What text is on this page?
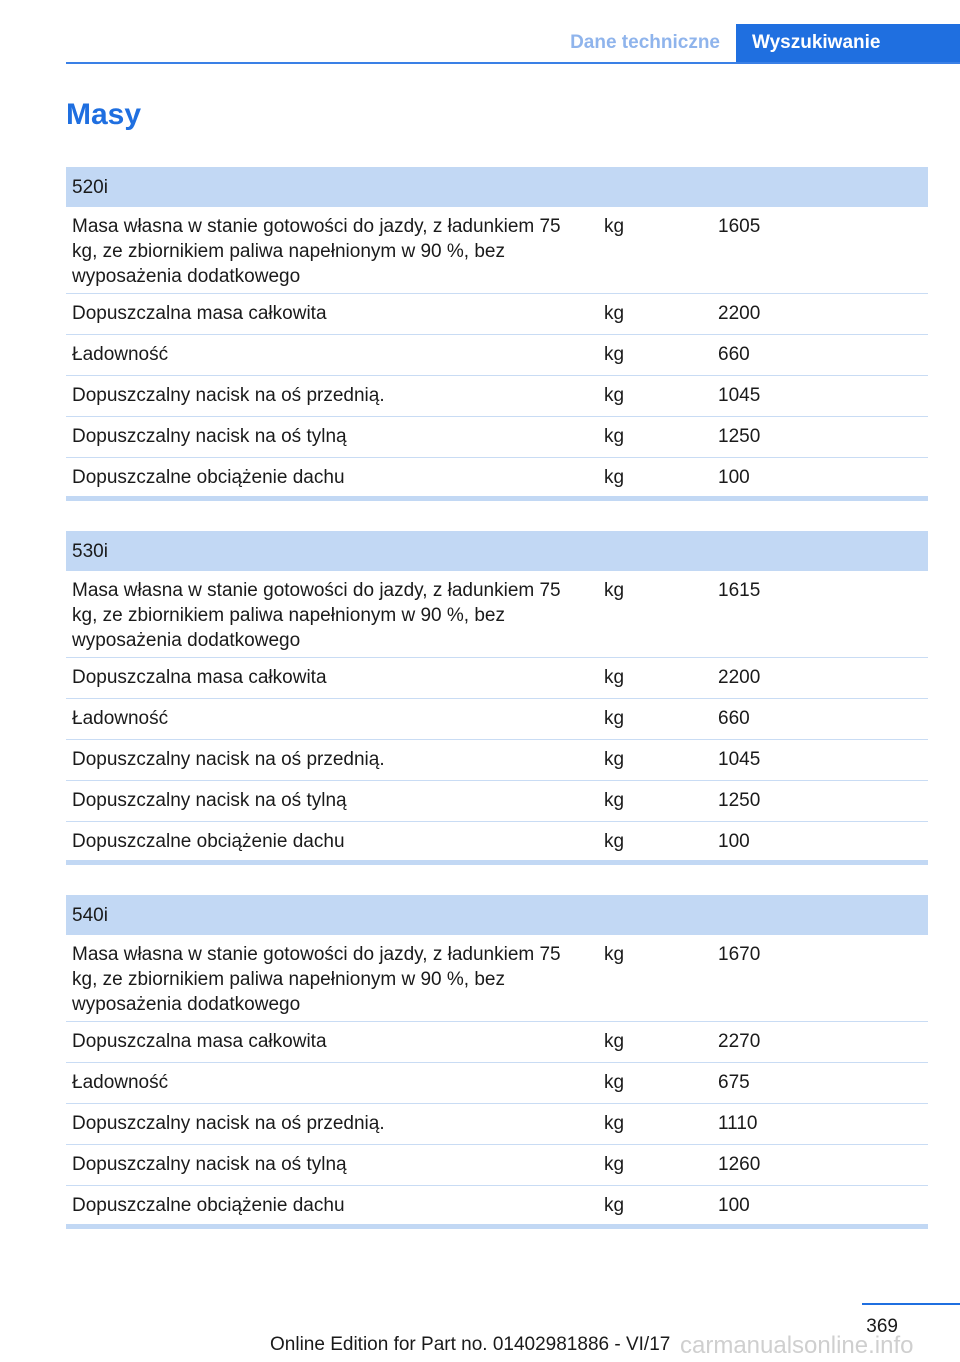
Dane techniczne	Wyszukiwanie
Masy
520i		
Masa własna w stanie gotowości do jazdy, z ładunkiem 75 kg, ze zbiornikiem paliwa napełnionym w 90 %, bez wyposażenia dodatkowego	kg	1605
Dopuszczalna masa całkowita	kg	2200
Ładowność	kg	660
Dopuszczalny nacisk na oś przednią.	kg	1045
Dopuszczalny nacisk na oś tylną	kg	1250
Dopuszczalne obciążenie dachu	kg	100
530i		
Masa własna w stanie gotowości do jazdy, z ładunkiem 75 kg, ze zbiornikiem paliwa napełnionym w 90 %, bez wyposażenia dodatkowego	kg	1615
Dopuszczalna masa całkowita	kg	2200
Ładowność	kg	660
Dopuszczalny nacisk na oś przednią.	kg	1045
Dopuszczalny nacisk na oś tylną	kg	1250
Dopuszczalne obciążenie dachu	kg	100
540i		
Masa własna w stanie gotowości do jazdy, z ładunkiem 75 kg, ze zbiornikiem paliwa napełnionym w 90 %, bez wyposażenia dodatkowego	kg	1670
Dopuszczalna masa całkowita	kg	2270
Ładowność	kg	675
Dopuszczalny nacisk na oś przednią.	kg	1110
Dopuszczalny nacisk na oś tylną	kg	1260
Dopuszczalne obciążenie dachu	kg	100
369
Online Edition for Part no. 01402981886 - VI/17 carmanualsonline.info
